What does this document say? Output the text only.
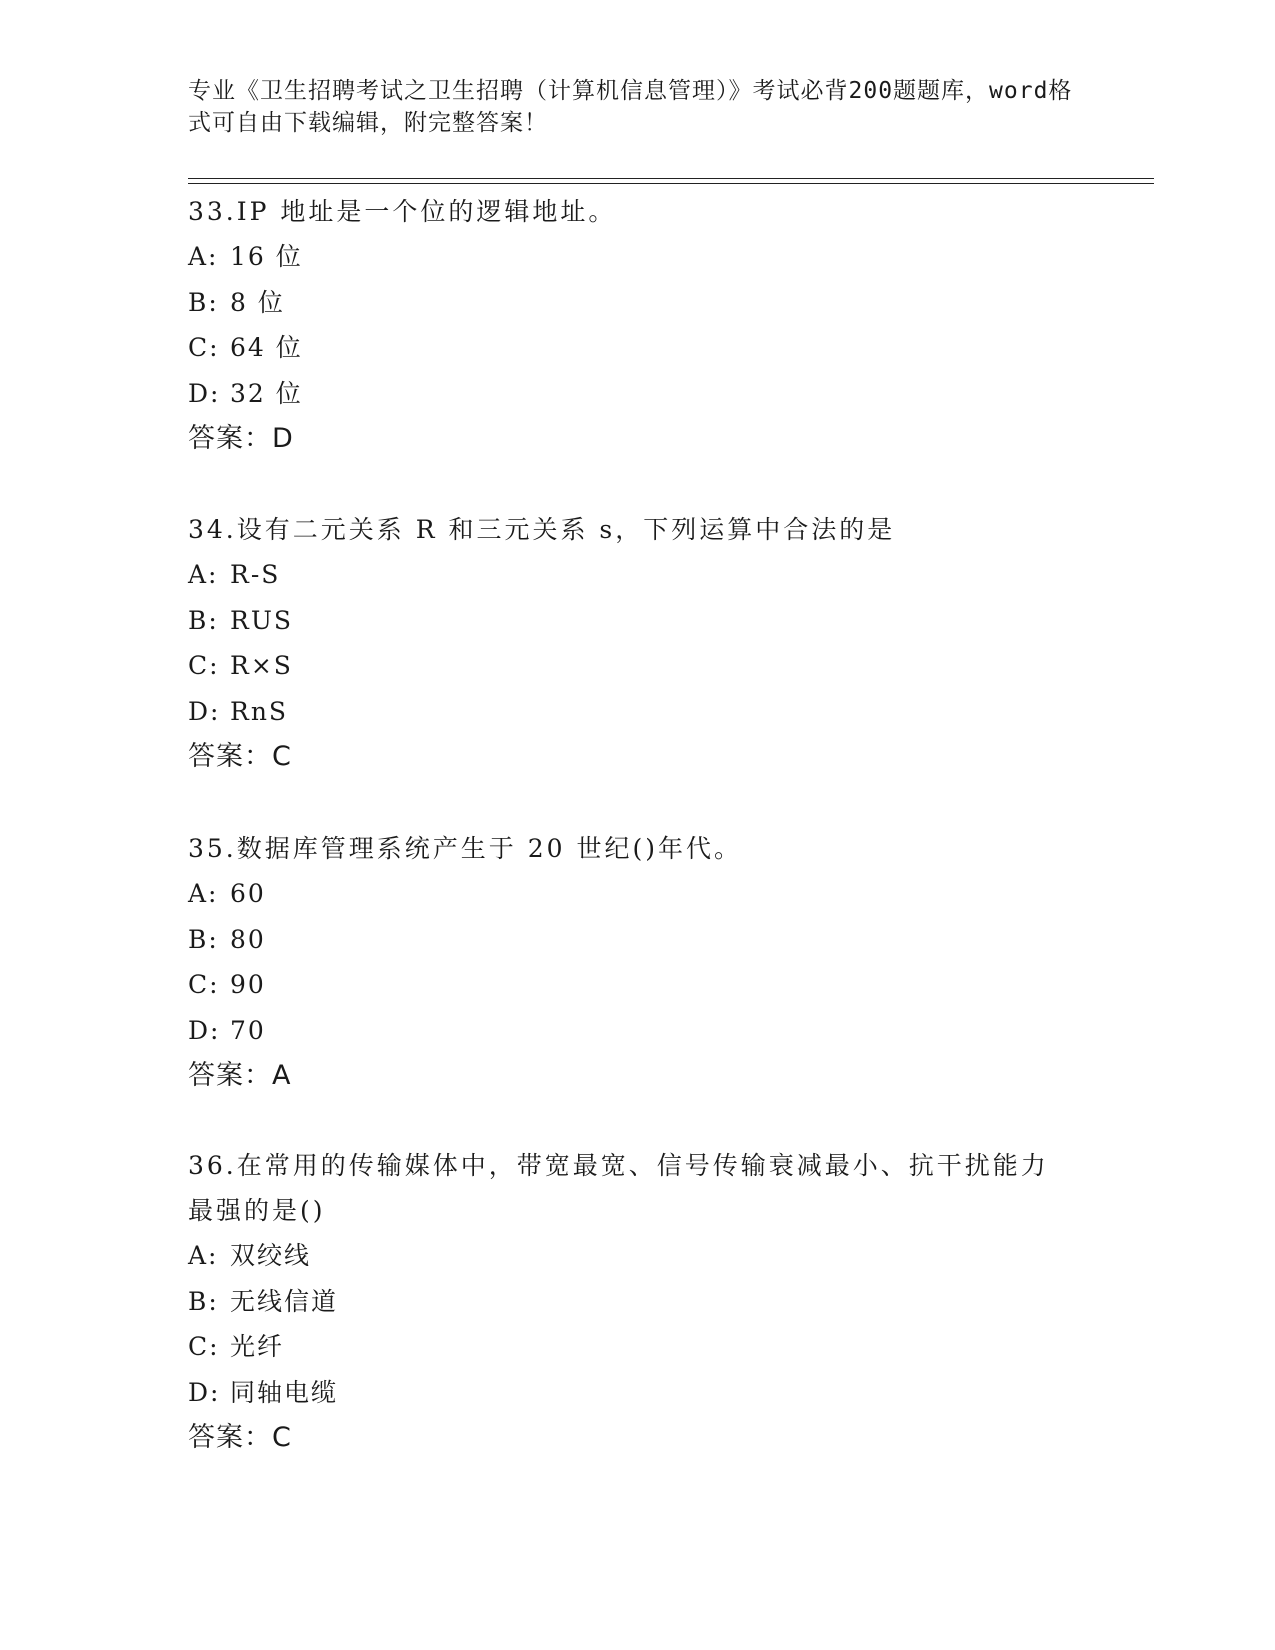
专业《卫生招聘考试之卫生招聘（计算机信息管理）》考试必背200题题库，word格式可自由下载编辑，附完整答案！
33.IP 地址是一个位的逻辑地址。
A: 16 位
B: 8 位
C: 64 位
D: 32 位
答案：D
34.设有二元关系 R 和三元关系 s，下列运算中合法的是
A: R-S
B: RUS
C: R×S
D: RnS
答案：C
35.数据库管理系统产生于 20 世纪()年代。
A: 60
B: 80
C: 90
D: 70
答案：A
36.在常用的传输媒体中，带宽最宽、信号传输衰减最小、抗干扰能力最强的是()
A: 双绞线
B: 无线信道
C: 光纤
D: 同轴电缆
答案：C
